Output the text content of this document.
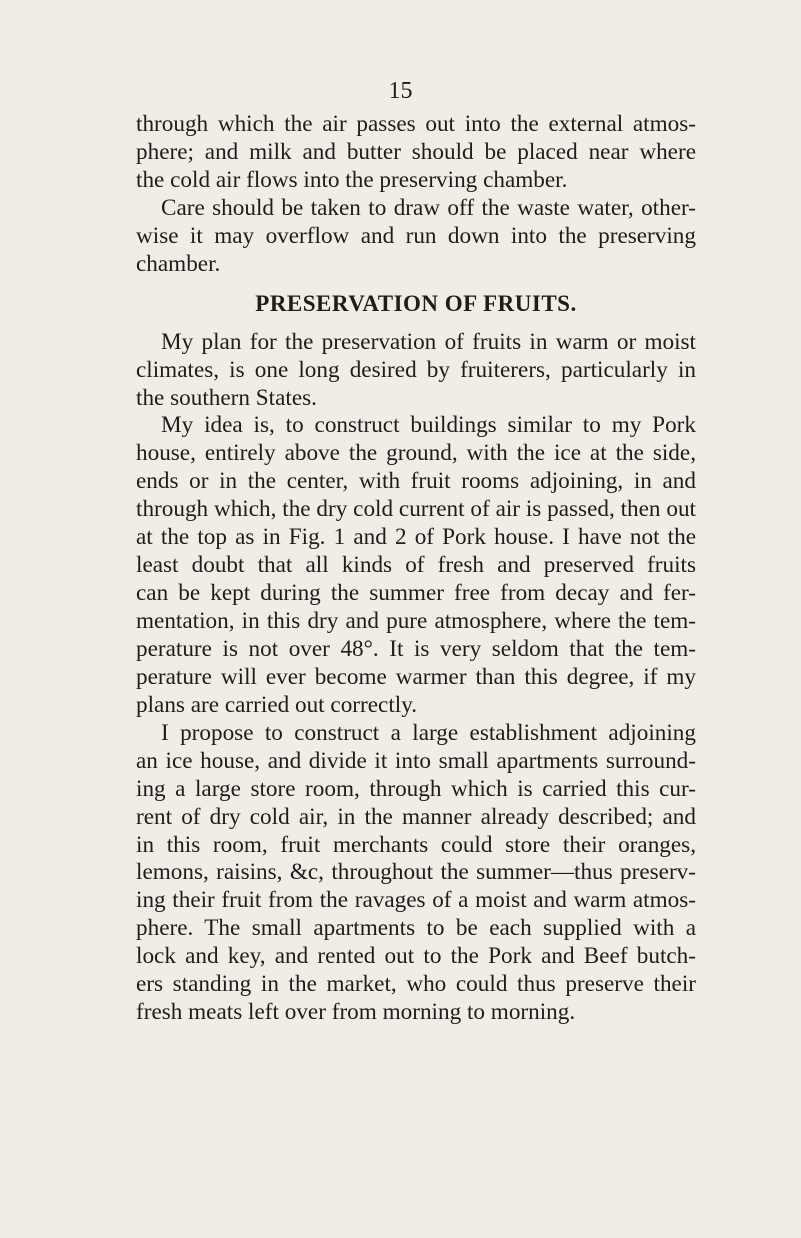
15

through which the air passes out into the external atmos-

phere; and milk and butter should be placed near where

the cold air flows into the preserving chamber.

Care should be taken to draw off the waste water, other-

wise it may overflow and run down into the preserving

chamber.

PRESERVATION OF FRUITS.

My plan for the preservation of fruits in warm or moist

climates, is one long desired by fruiterers, particularly in

the southern States.

My idea is, to construct buildings similar to my Pork

house, entirely above the ground, with the ice at the side,

ends or in the center, with fruit rooms adjoining, in and

through which, the dry cold current of air is passed, then out

at the top as in Fig. 1 and 2 of Pork house. I have not the

least doubt that all kinds of fresh and preserved fruits

can be kept during the summer free from decay and fer-

mentation, in this dry and pure atmosphere, where the tem-

perature is not over 48°. It is very seldom that the tem-

perature will ever become warmer than this degree, if my

plans are carried out correctly.

I propose to construct a large establishment adjoining

an ice house, and divide it into small apartments surround-

ing a large store room, through which is carried this cur-

rent of dry cold air, in the manner already described; and

in this room, fruit merchants could store their oranges,

lemons, raisins, &c, throughout the summer—thus preserv-

ing their fruit from the ravages of a moist and warm atmos-

phere. The small apartments to be each supplied with a

lock and key, and rented out to the Pork and Beef butch-

ers standing in the market, who could thus preserve their

fresh meats left over from morning to morning.
